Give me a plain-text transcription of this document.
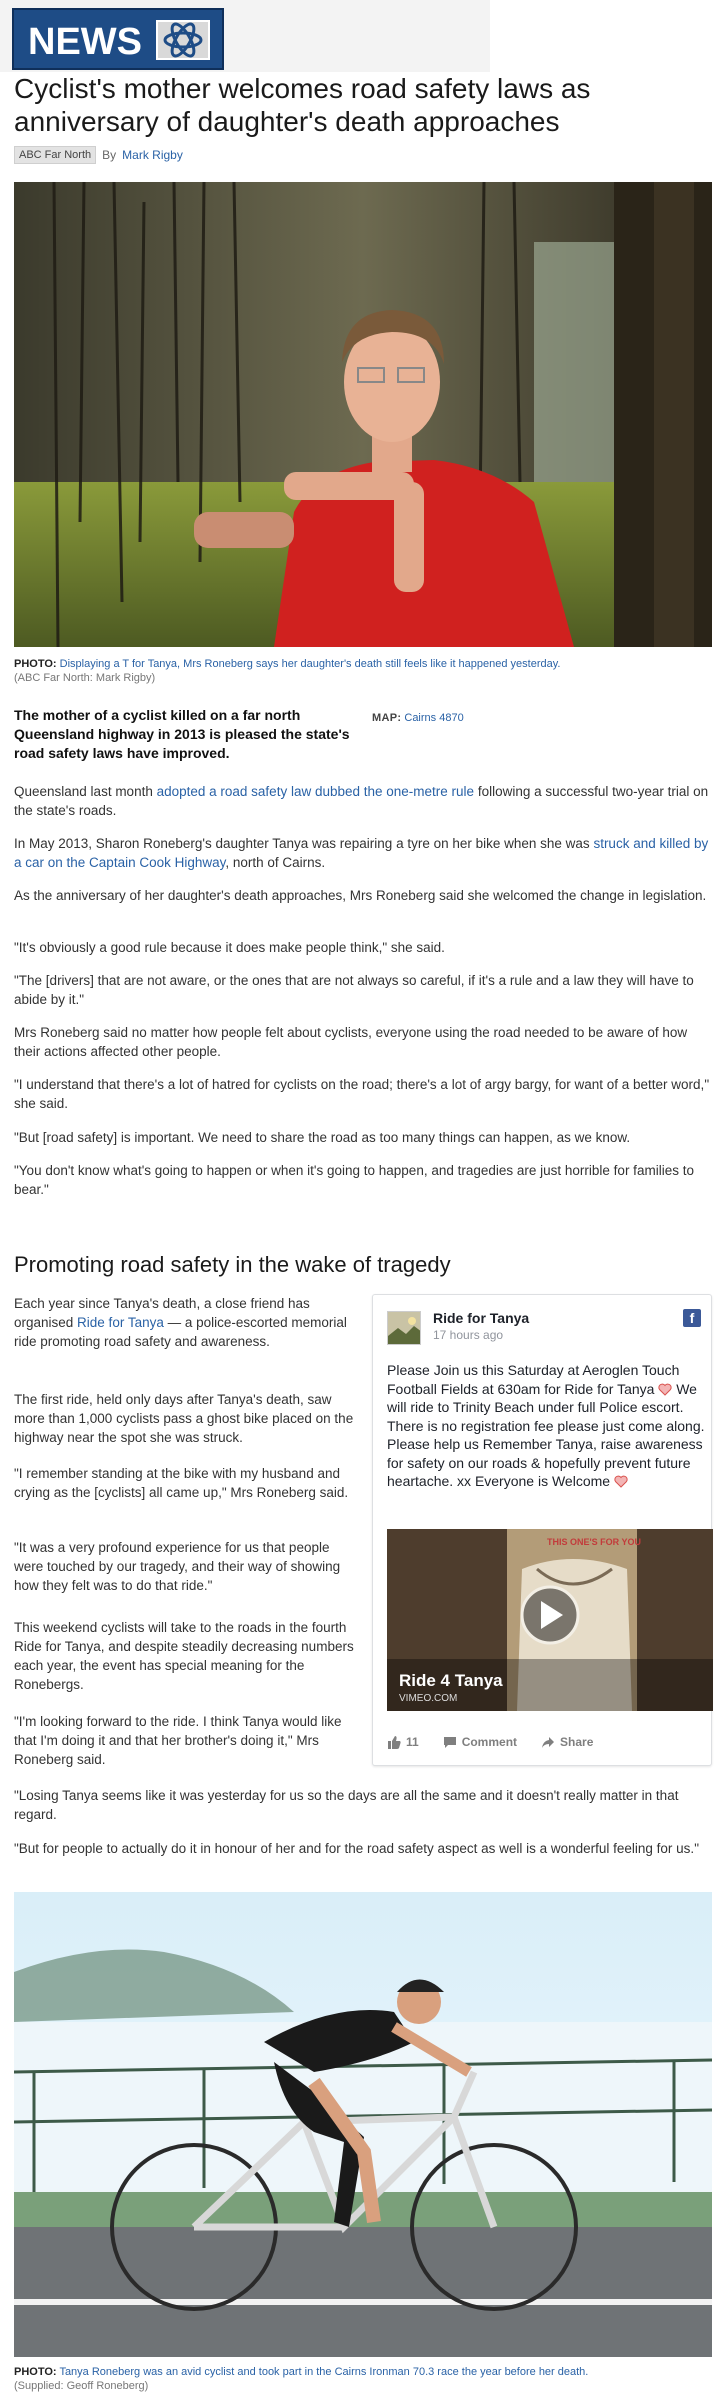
NEWS
Cyclist's mother welcomes road safety laws as anniversary of daughter's death approaches
ABC Far North By Mark Rigby
PHOTO: Displaying a T for Tanya, Mrs Roneberg says her daughter's death still feels like it happened yesterday.
(ABC Far North: Mark Rigby)

The mother of a cyclist killed on a far north Queensland highway in 2013 is pleased the state's road safety laws have improved.

MAP: Cairns 4870

Queensland last month adopted a road safety law dubbed the one-metre rule following a successful two-year trial on the state's roads.

In May 2013, Sharon Roneberg's daughter Tanya was repairing a tyre on her bike when she was struck and killed by a car on the Captain Cook Highway, north of Cairns.

As the anniversary of her daughter's death approaches, Mrs Roneberg said she welcomed the change in legislation.

"It's obviously a good rule because it does make people think," she said.

"The [drivers] that are not aware, or the ones that are not always so careful, if it's a rule and a law they will have to abide by it."

Mrs Roneberg said no matter how people felt about cyclists, everyone using the road needed to be aware of how their actions affected other people.

"I understand that there's a lot of hatred for cyclists on the road; there's a lot of argy bargy, for want of a better word," she said.

"But [road safety] is important. We need to share the road as too many things can happen, as we know.

"You don't know what's going to happen or when it's going to happen, and tragedies are just horrible for families to bear."

Promoting road safety in the wake of tragedy

Each year since Tanya's death, a close friend has organised Ride for Tanya — a police-escorted memorial ride promoting road safety and awareness.

The first ride, held only days after Tanya's death, saw more than 1,000 cyclists pass a ghost bike placed on the highway near the spot she was struck.

"I remember standing at the bike with my husband and crying as the [cyclists] all came up," Mrs Roneberg said.

"It was a very profound experience for us that people were touched by our tragedy, and their way of showing how they felt was to do that ride."

This weekend cyclists will take to the roads in the fourth Ride for Tanya, and despite steadily decreasing numbers each year, the event has special meaning for the Ronebergs.

"I'm looking forward to the ride. I think Tanya would like that I'm doing it and that her brother's doing it," Mrs Roneberg said.

"Losing Tanya seems like it was yesterday for us so the days are all the same and it doesn't really matter in that regard.

"But for people to actually do it in honour of her and for the road safety aspect as well is a wonderful feeling for us."

Ride for Tanya
17 hours ago
f
Please Join us this Saturday at Aeroglen Touch Football Fields at 630am for Ride for Tanya We will ride to Trinity Beach under full Police escort. There is no registration fee please just come along. Please help us Remember Tanya, raise awareness for safety on our roads & hopefully prevent future heartache. xx Everyone is Welcome
THIS ONE'S FOR YOU
Ride 4 Tanya
VIMEO.COM
11	Comment	Share
PHOTO: Tanya Roneberg was an avid cyclist and took part in the Cairns Ironman 70.3 race the year before her death.
(Supplied: Geoff Roneberg)
